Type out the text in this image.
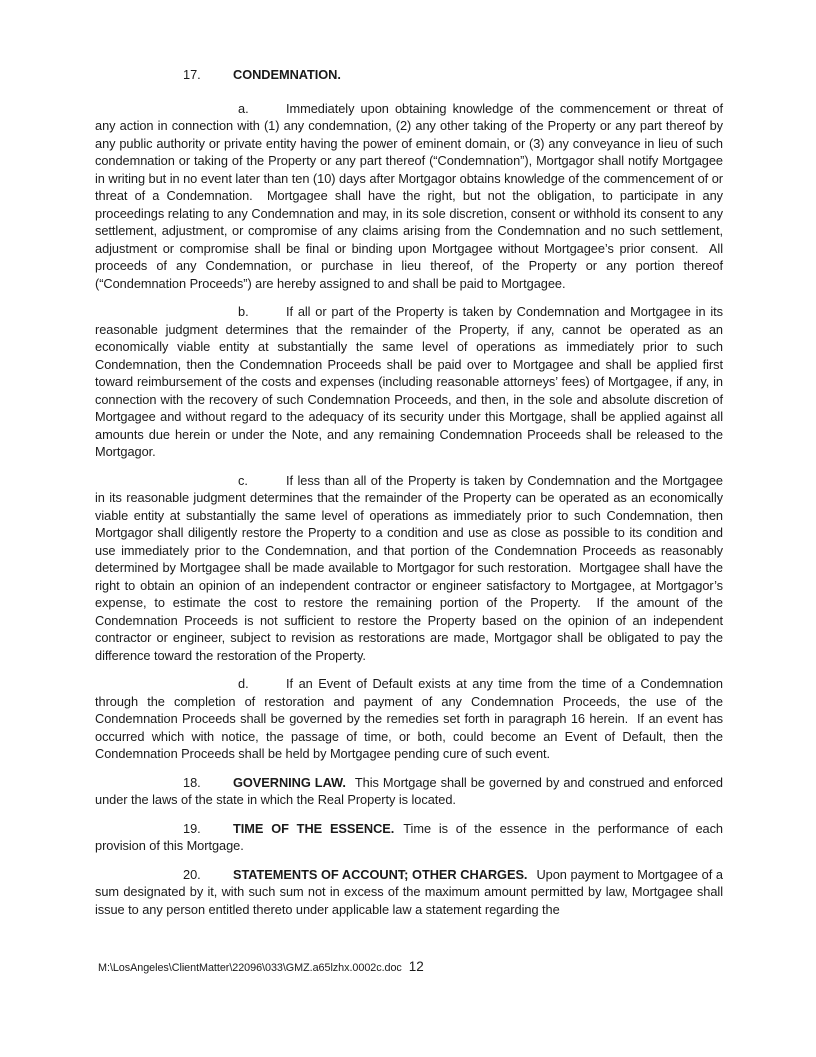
17.	CONDEMNATION.

a.	Immediately upon obtaining knowledge of the commencement or threat of any action in connection with (1) any condemnation, (2) any other taking of the Property or any part thereof by any public authority or private entity having the power of eminent domain, or (3) any conveyance in lieu of such condemnation or taking of the Property or any part thereof (“Condemnation”), Mortgagor shall notify Mortgagee in writing but in no event later than ten (10) days after Mortgagor obtains knowledge of the commencement of or threat of a Condemnation.  Mortgagee shall have the right, but not the obligation, to participate in any proceedings relating to any Condemnation and may, in its sole discretion, consent or withhold its consent to any settlement, adjustment, or compromise of any claims arising from the Condemnation and no such settlement, adjustment or compromise shall be final or binding upon Mortgagee without Mortgagee’s prior consent.  All proceeds of any Condemnation, or purchase in lieu thereof, of the Property or any portion thereof (“Condemnation Proceeds”) are hereby assigned to and shall be paid to Mortgagee.

b.	If all or part of the Property is taken by Condemnation and Mortgagee in its reasonable judgment determines that the remainder of the Property, if any, cannot be operated as an economically viable entity at substantially the same level of operations as immediately prior to such Condemnation, then the Condemnation Proceeds shall be paid over to Mortgagee and shall be applied first toward reimbursement of the costs and expenses (including reasonable attorneys’ fees) of Mortgagee, if any, in connection with the recovery of such Condemnation Proceeds, and then, in the sole and absolute discretion of Mortgagee and without regard to the adequacy of its security under this Mortgage, shall be applied against all amounts due herein or under the Note, and any remaining Condemnation Proceeds shall be released to the Mortgagor.

c.	If less than all of the Property is taken by Condemnation and the Mortgagee in its reasonable judgment determines that the remainder of the Property can be operated as an economically viable entity at substantially the same level of operations as immediately prior to such Condemnation, then Mortgagor shall diligently restore the Property to a condition and use as close as possible to its condition and use immediately prior to the Condemnation, and that portion of the Condemnation Proceeds as reasonably determined by Mortgagee shall be made available to Mortgagor for such restoration.  Mortgagee shall have the right to obtain an opinion of an independent contractor or engineer satisfactory to Mortgagee, at Mortgagor’s expense, to estimate the cost to restore the remaining portion of the Property.  If the amount of the Condemnation Proceeds is not sufficient to restore the Property based on the opinion of an independent contractor or engineer, subject to revision as restorations are made, Mortgagor shall be obligated to pay the difference toward the restoration of the Property.

d.	If an Event of Default exists at any time from the time of a Condemnation through the completion of restoration and payment of any Condemnation Proceeds, the use of the Condemnation Proceeds shall be governed by the remedies set forth in paragraph 16 herein.  If an event has occurred which with notice, the passage of time, or both, could become an Event of Default, then the Condemnation Proceeds shall be held by Mortgagee pending cure of such event.

18.	GOVERNING LAW. This Mortgage shall be governed by and construed and enforced under the laws of the state in which the Real Property is located.

19.	TIME OF THE ESSENCE. Time is of the essence in the performance of each provision of this Mortgage.

20.	STATEMENTS OF ACCOUNT; OTHER CHARGES. Upon payment to Mortgagee of a sum designated by it, with such sum not in excess of the maximum amount permitted by law, Mortgagee shall issue to any person entitled thereto under applicable law a statement regarding the

M:\LosAngeles\ClientMatter\22096\033\GMZ.a65lzhx.0002c.doc 12
